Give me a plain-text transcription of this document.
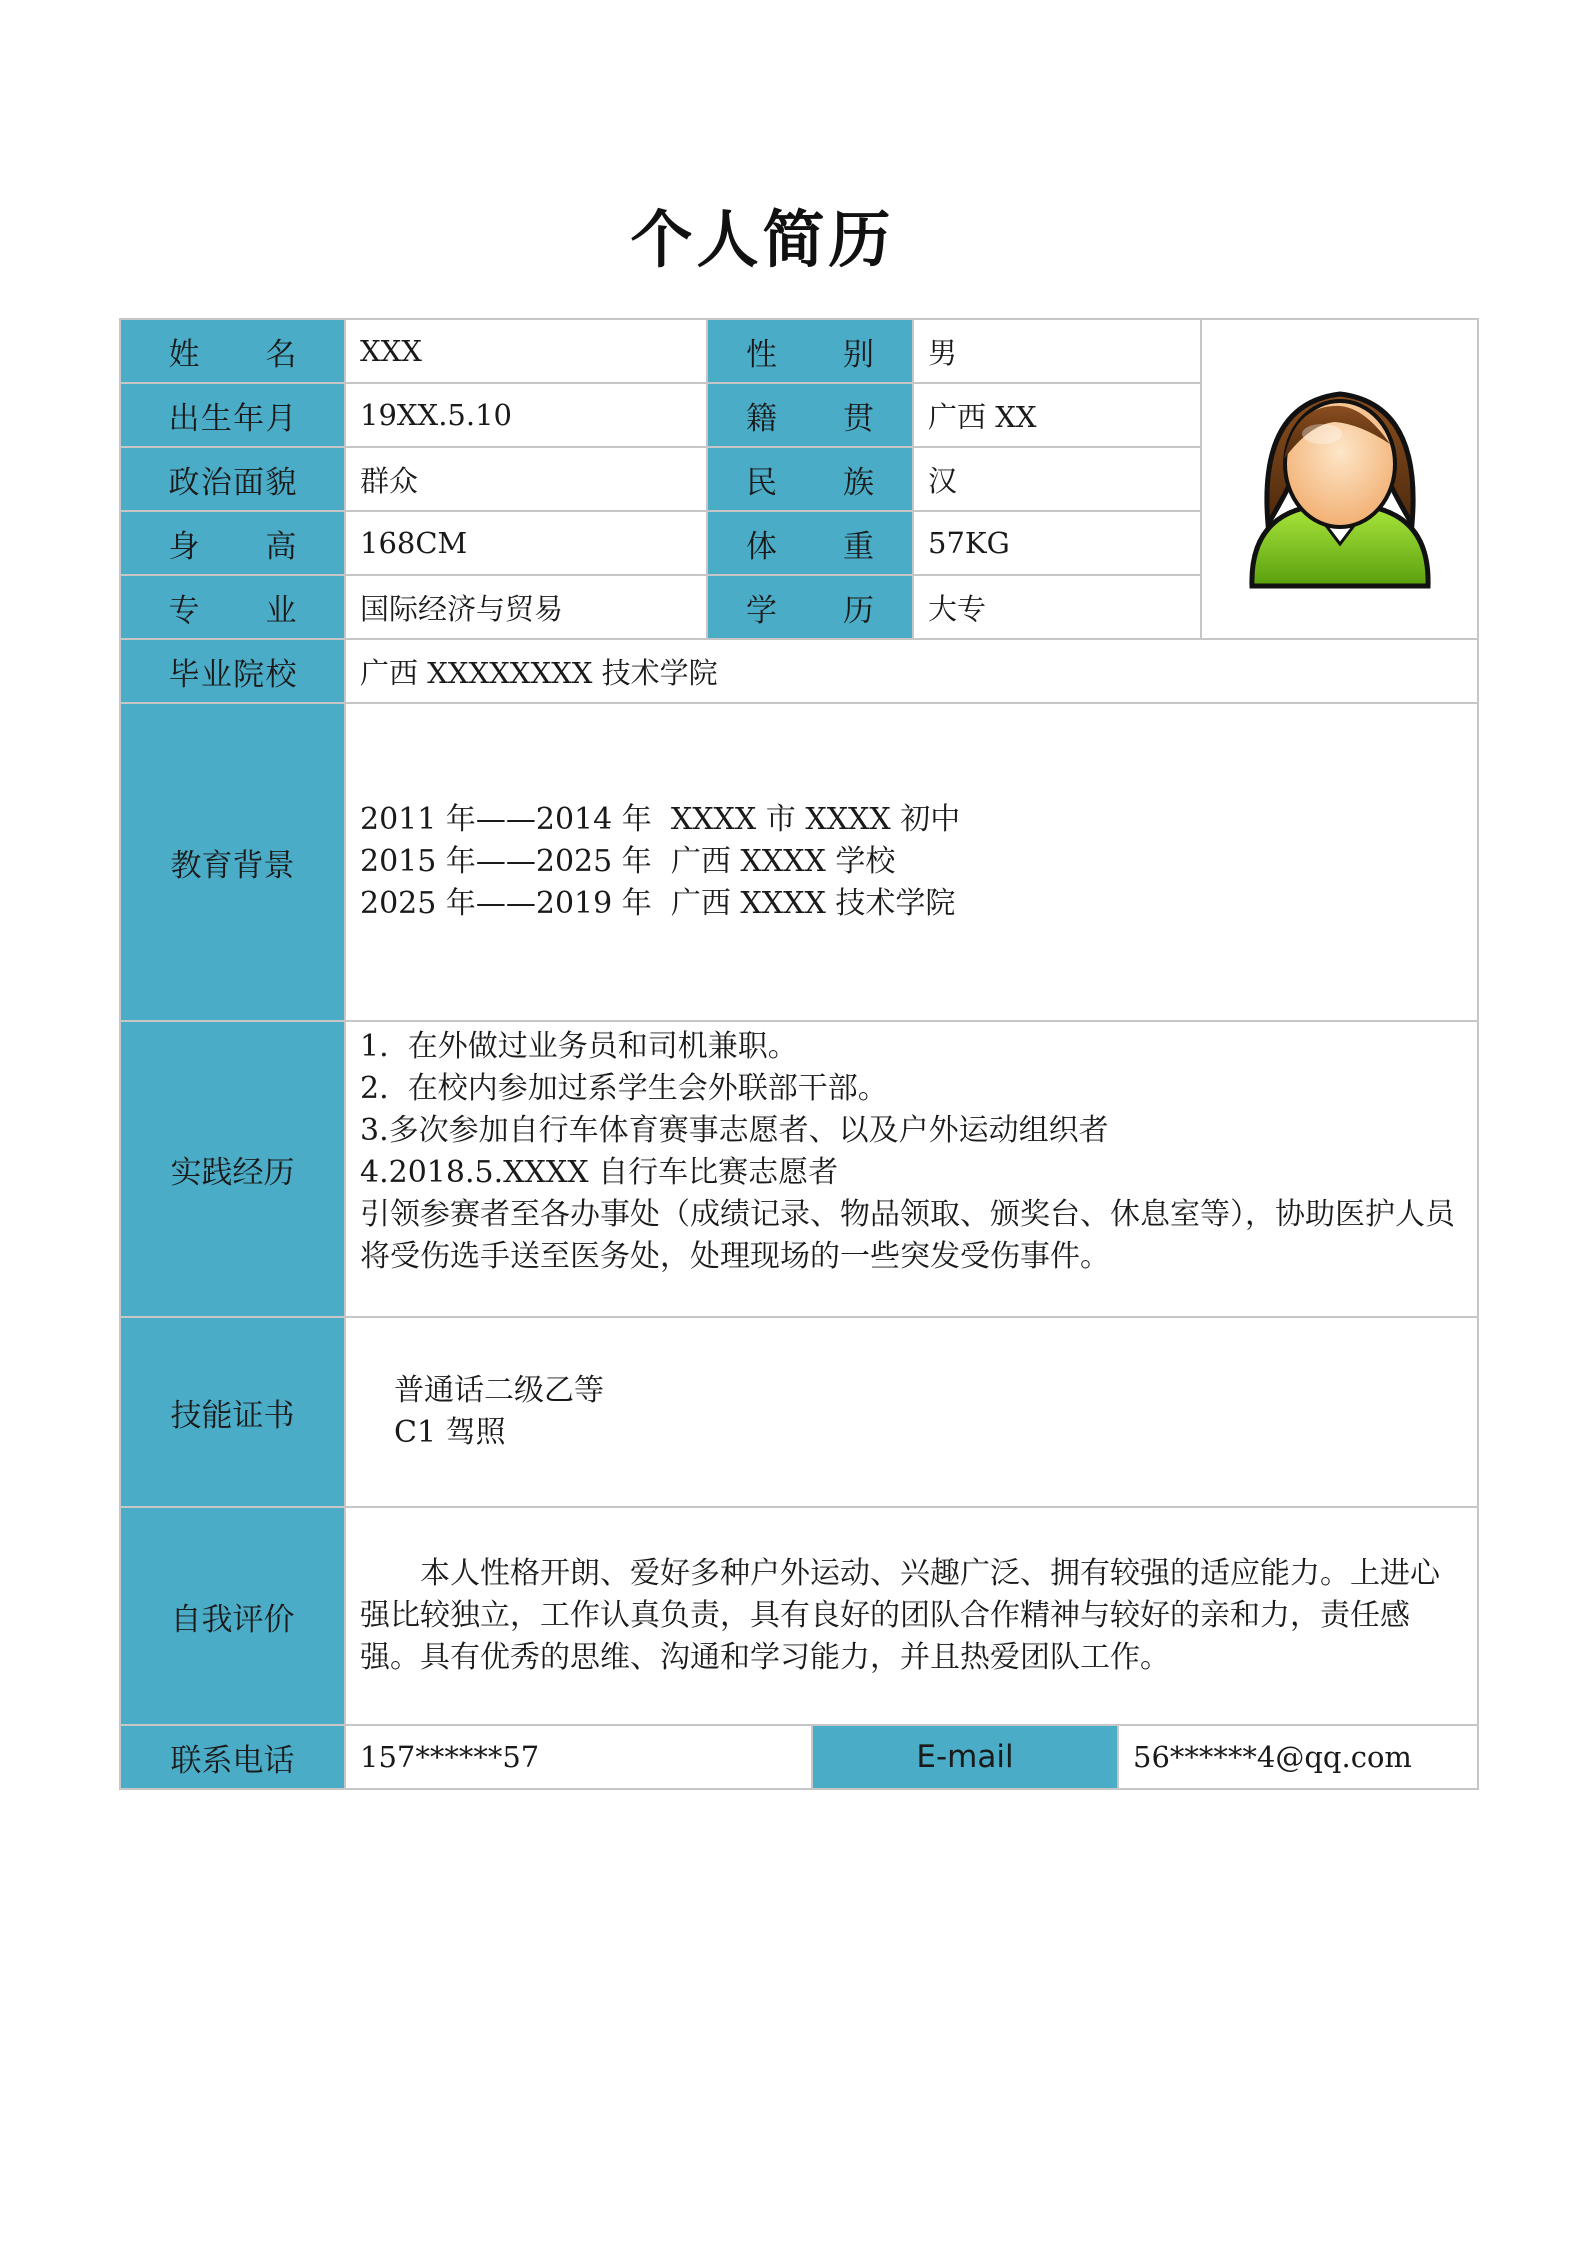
个人简历
姓名	XXX	性别		男	

出生年月	19XX.5.10	籍贯		广西 XX		
政治面貌	群众	民族		汉		
身高	168CM	体重		57KG		
专业	国际经济与贸易	学历		大专		
毕业院校	广西 XXXXXXXX 技术学院					
教育背景	2011 年——2014 年  XXXX 市 XXXX 初中
2015 年——2025 年  广西 XXXX 学校
2025 年——2019 年  广西 XXXX 技术学院					

实践经历	1.  在外做过业务员和司机兼职。
2.  在校内参加过系学生会外联部干部。
3.多次参加自行车体育赛事志愿者、以及户外运动组织者
4.2018.5.XXXX 自行车比赛志愿者
引领参赛者至各办事处（成绩记录、物品领取、颁奖台、休息室等），协助医护人员将受伤选手送至医务处，处理现场的一些突发受伤事件。					

技能证书	普通话二级乙等
C1 驾照					

自我评价	本人性格开朗、爱好多种户外运动、兴趣广泛、拥有较强的适应能力。上进心强比较独立，工作认真负责，具有良好的团队合作精神与较好的亲和力，责任感强。具有优秀的思维、沟通和学习能力，并且热爱团队工作。					

联系电话	157******57		E-mail		56******4@qq.com	
